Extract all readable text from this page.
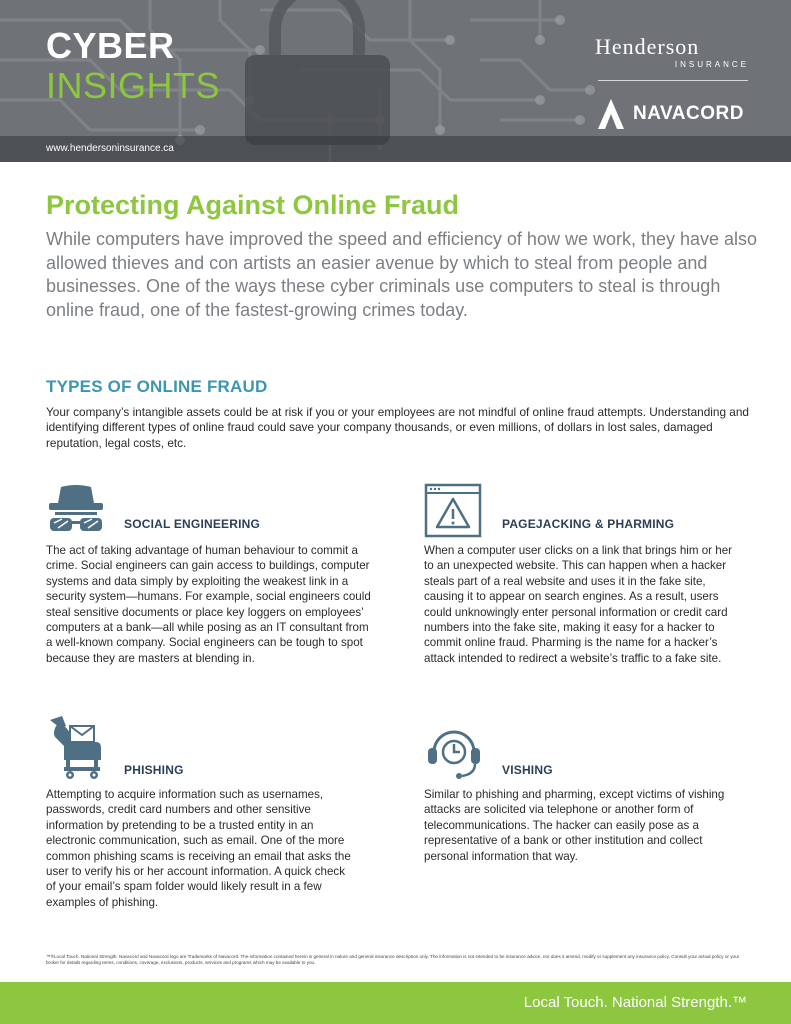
CYBER
INSIGHTS
www.hendersoninsurance.ca
Henderson
INSURANCE
NAVACORD
Protecting Against Online Fraud

While computers have improved the speed and efficiency of how we work, they have also allowed thieves and con artists an easier avenue by which to steal from people and businesses. One of the ways these cyber criminals use computers to steal is through online fraud, one of the fastest-growing crimes today.

TYPES OF ONLINE FRAUD

Your company’s intangible assets could be at risk if you or your employees are not mindful of online fraud attempts. Understanding and identifying different types of online fraud could save your company thousands, or even millions, of dollars in lost sales, damaged reputation, legal costs, etc.

SOCIAL ENGINEERING

The act of taking advantage of human behaviour to commit a crime. Social engineers can gain access to buildings, computer systems and data simply by exploiting the weakest link in a security system—humans. For example, social engineers could steal sensitive documents or place key loggers on employees’ computers at a bank—all while posing as an IT consultant from a well-known company. Social engineers can be tough to spot because they are masters at blending in.

PAGEJACKING & PHARMING

When a computer user clicks on a link that brings him or her to an unexpected website. This can happen when a hacker steals part of a real website and uses it in the fake site, causing it to appear on search engines. As a result, users could unknowingly enter personal information or credit card numbers into the fake site, making it easy for a hacker to commit online fraud. Pharming is the name for a hacker’s attack intended to redirect a website’s traffic to a fake site.

PHISHING

Attempting to acquire information such as usernames, passwords, credit card numbers and other sensitive information by pretending to be a trusted entity in an electronic communication, such as email. One of the more common phishing scams is receiving an email that asks the user to verify his or her account information. A quick check of your email’s spam folder would likely result in a few examples of phishing.

VISHING

Similar to phishing and pharming, except victims of vishing attacks are solicited via telephone or another form of telecommunications. The hacker can easily pose as a representative of a bank or other institution and collect personal information that way.

™®Local Touch. National Strength. Navacord and Navacord logo are Trademarks of Navacord. The information contained herein is general in nature and general insurance description only. The information is not intended to be insurance advice, nor does it amend, modify or supplement any insurance policy. Consult your actual policy or your broker for details regarding terms, conditions, coverage, exclusions, products, services and programs which may be available to you.

Local Touch. National Strength.™
